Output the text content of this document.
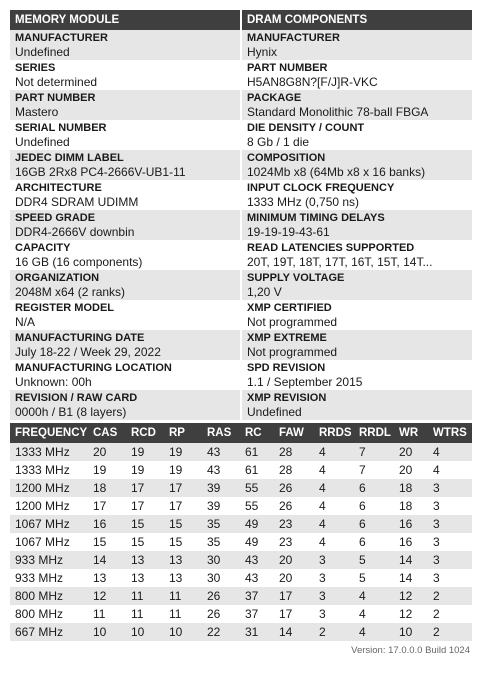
MEMORY MODULE
MANUFACTURER
Undefined
SERIES
Not determined
PART NUMBER
Mastero
SERIAL NUMBER
Undefined
JEDEC DIMM LABEL
16GB 2Rx8 PC4-2666V-UB1-11
ARCHITECTURE
DDR4 SDRAM UDIMM
SPEED GRADE
DDR4-2666V downbin
CAPACITY
16 GB (16 components)
ORGANIZATION
2048M x64 (2 ranks)
REGISTER MODEL
N/A
MANUFACTURING DATE
July 18-22 / Week 29, 2022
MANUFACTURING LOCATION
Unknown: 00h
REVISION / RAW CARD
0000h / B1 (8 layers)
DRAM COMPONENTS
MANUFACTURER
Hynix
PART NUMBER
H5AN8G8N?[F/J]R-VKC
PACKAGE
Standard Monolithic 78-ball FBGA
DIE DENSITY / COUNT
8 Gb / 1 die
COMPOSITION
1024Mb x8 (64Mb x8 x 16 banks)
INPUT CLOCK FREQUENCY
1333 MHz (0,750 ns)
MINIMUM TIMING DELAYS
19-19-19-43-61
READ LATENCIES SUPPORTED
20T, 19T, 18T, 17T, 16T, 15T, 14T...
SUPPLY VOLTAGE
1,20 V
XMP CERTIFIED
Not programmed
XMP EXTREME
Not programmed
SPD REVISION
1.1 / September 2015
XMP REVISION
Undefined
FREQUENCY	CAS	RCD	RP	RAS	RC	FAW	RRDS	RRDL	WR	WTRS
1333 MHz	20	19	19	43	61	28	4	7	20	4
1333 MHz	19	19	19	43	61	28	4	7	20	4
1200 MHz	18	17	17	39	55	26	4	6	18	3
1200 MHz	17	17	17	39	55	26	4	6	18	3
1067 MHz	16	15	15	35	49	23	4	6	16	3
1067 MHz	15	15	15	35	49	23	4	6	16	3
933 MHz	14	13	13	30	43	20	3	5	14	3
933 MHz	13	13	13	30	43	20	3	5	14	3
800 MHz	12	11	11	26	37	17	3	4	12	2
800 MHz	11	11	11	26	37	17	3	4	12	2
667 MHz	10	10	10	22	31	14	2	4	10	2
Version: 17.0.0.0 Build 1024
